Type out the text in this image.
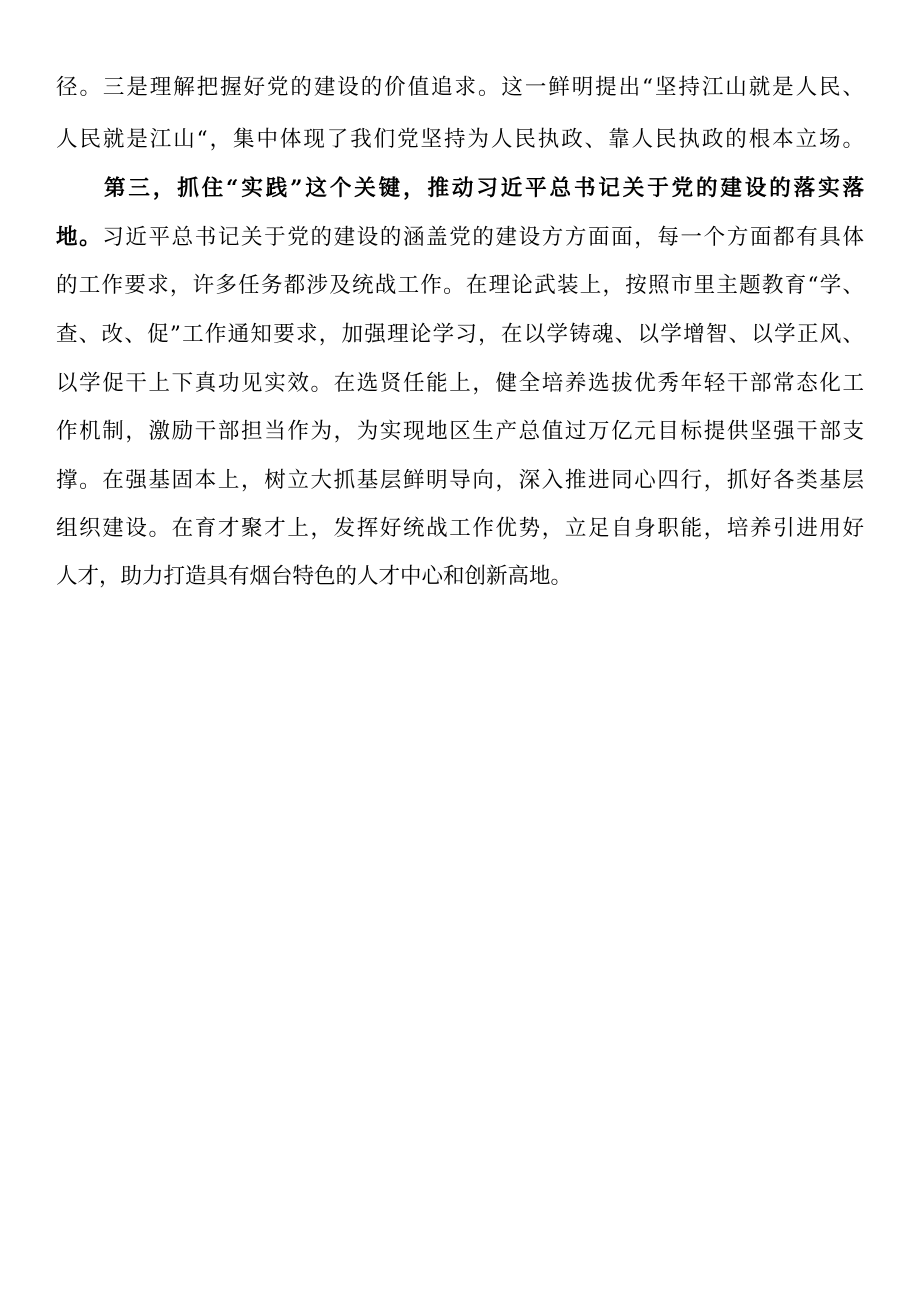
径。三是理解把握好党的建设的价值追求。这一鲜明提出“坚持江山就是人民、
人民就是江山“，集中体现了我们党坚持为人民执政、靠人民执政的根本立场。
第三，抓住“实践”这个关键，推动习近平总书记关于党的建设的落实落
地。习近平总书记关于党的建设的涵盖党的建设方方面面，每一个方面都有具体
的工作要求，许多任务都涉及统战工作。在理论武装上，按照市里主题教育“学、
查、改、促”工作通知要求，加强理论学习，在以学铸魂、以学增智、以学正风、
以学促干上下真功见实效。在选贤任能上，健全培养选拔优秀年轻干部常态化工
作机制，激励干部担当作为，为实现地区生产总值过万亿元目标提供坚强干部支
撑。在强基固本上，树立大抓基层鲜明导向，深入推进同心四行，抓好各类基层
组织建设。在育才聚才上，发挥好统战工作优势，立足自身职能，培养引进用好
人才，助力打造具有烟台特色的人才中心和创新高地。
